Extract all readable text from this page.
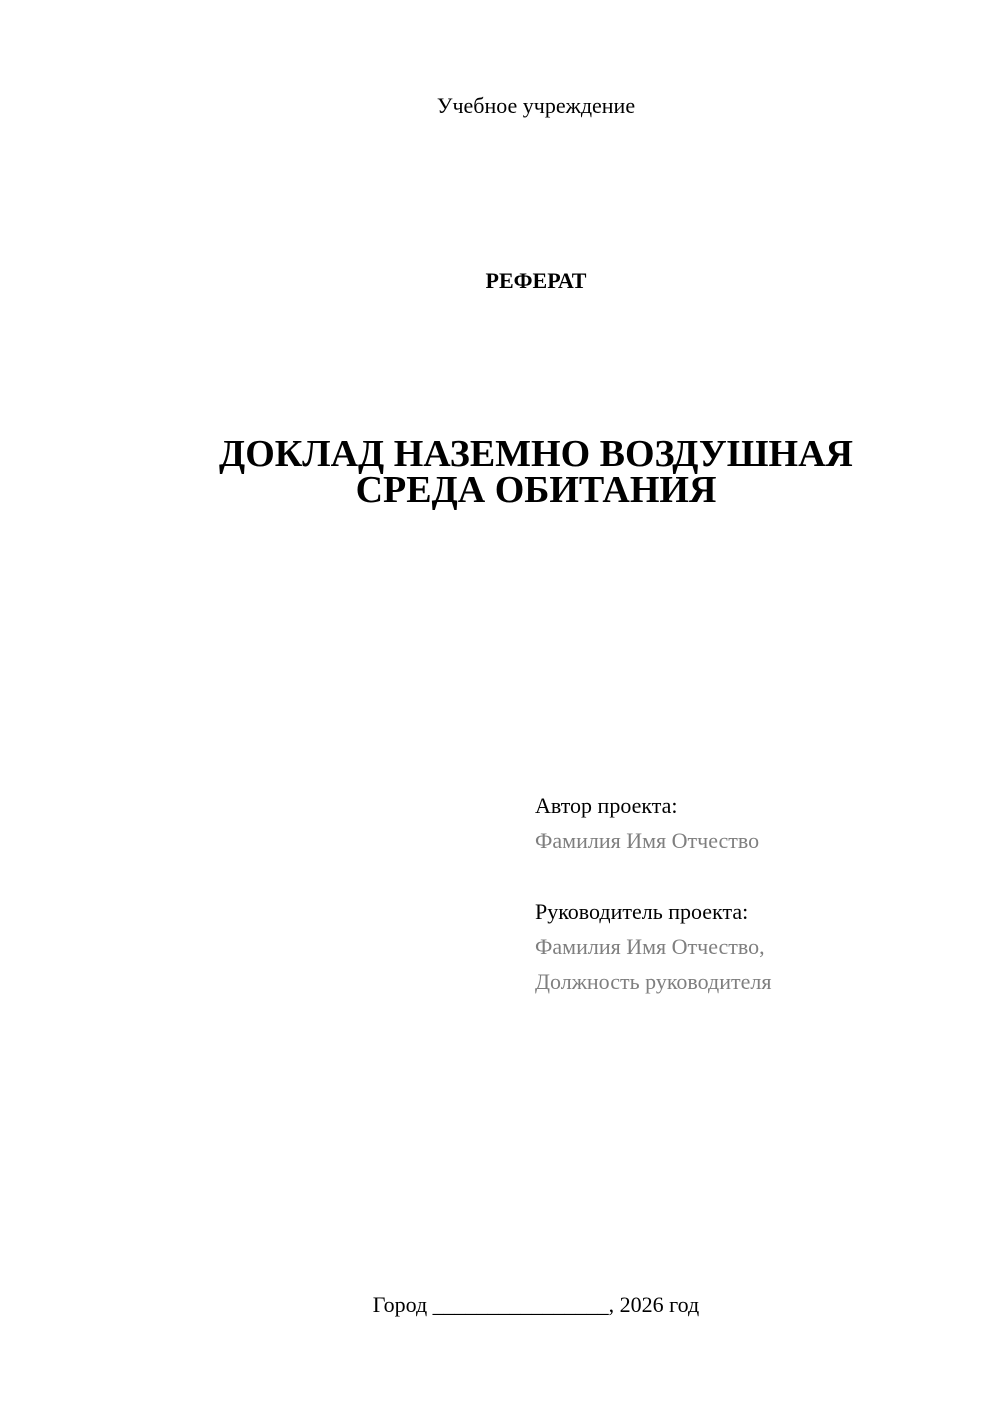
Учебное учреждение
РЕФЕРАТ
ДОКЛАД НАЗЕМНО ВОЗДУШНАЯ
СРЕДА ОБИТАНИЯ
Автор проекта:
Фамилия Имя Отчество
Руководитель проекта:
Фамилия Имя Отчество,
Должность руководителя
Город ________________, 2026 год
